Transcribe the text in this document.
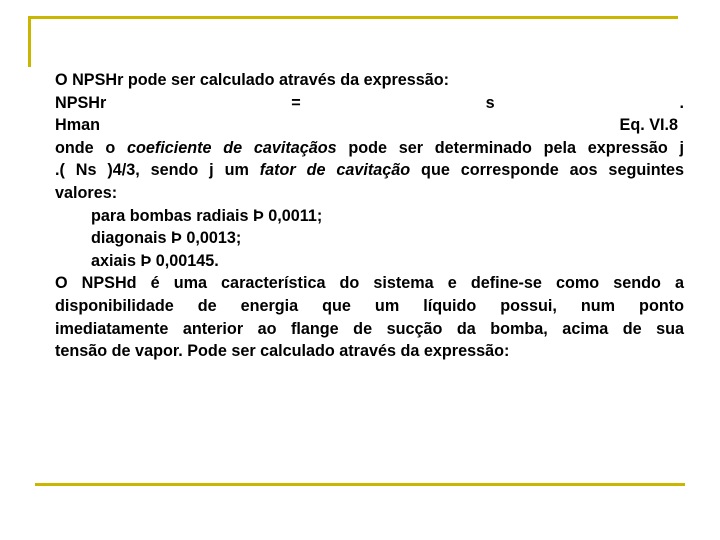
O NPSHr pode ser calculado através da expressão:
NPSHr	=	s	.
Hman	Eq. VI.8
onde o coeficiente de cavitaçãos pode ser determinado pela expressão j
.( Ns )4/3, sendo j um fator de cavitação que corresponde aos seguintes
valores:
para bombas radiais Þ 0,0011;
diagonais Þ 0,0013;
axiais Þ 0,00145.
O NPSHd é uma característica do sistema e define-se como sendo a
disponibilidade de energia que um líquido possui, num ponto
imediatamente anterior ao flange de sucção da bomba, acima de sua
tensão de vapor. Pode ser calculado através da expressão:
